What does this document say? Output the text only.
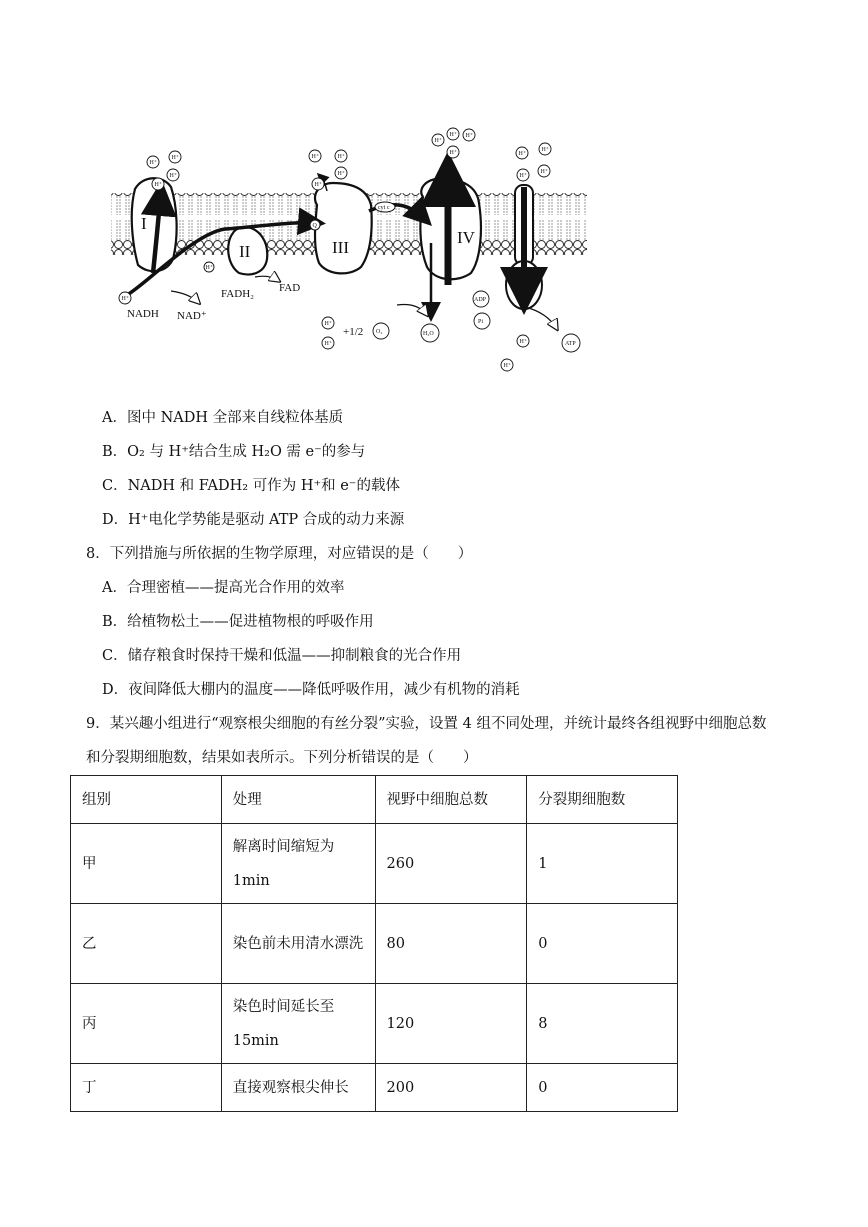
I
II	III
IV
Q
cyt c
NADH NAD⁺
FADH₂ FAD
+1/2 O₂	H₂O
ADP
Pi
ATP
H⁺
H⁺
H⁺
H⁺
H⁺	H⁺
H⁺
H⁺
H⁺
H⁺
H⁺
H⁺
H⁺
H⁺
H⁺
H⁺
H⁺
H⁺
H⁺
H⁺
H⁺
H⁺
A．图中 NADH 全部来自线粒体基质
B．O₂ 与 H⁺结合生成 H₂O 需 e⁻的参与
C．NADH 和 FADH₂ 可作为 H⁺和 e⁻的载体
D．H⁺电化学势能是驱动 ATP 合成的动力来源
8．下列措施与所依据的生物学原理，对应错误的是（　　）
A．合理密植——提高光合作用的效率
B．给植物松土——促进植物根的呼吸作用
C．储存粮食时保持干燥和低温——抑制粮食的光合作用
D．夜间降低大棚内的温度——降低呼吸作用，减少有机物的消耗
9．某兴趣小组进行“观察根尖细胞的有丝分裂”实验，设置 4 组不同处理，并统计最终各组视野中细胞总数
和分裂期细胞数，结果如表所示。下列分析错误的是（　　）
组别	处理	视野中细胞总数	分裂期细胞数
甲	解离时间缩短为 1min	260	1
乙	染色前未用清水漂洗	80	0
丙	染色时间延长至 15min	120	8
丁	直接观察根尖伸长	200	0
